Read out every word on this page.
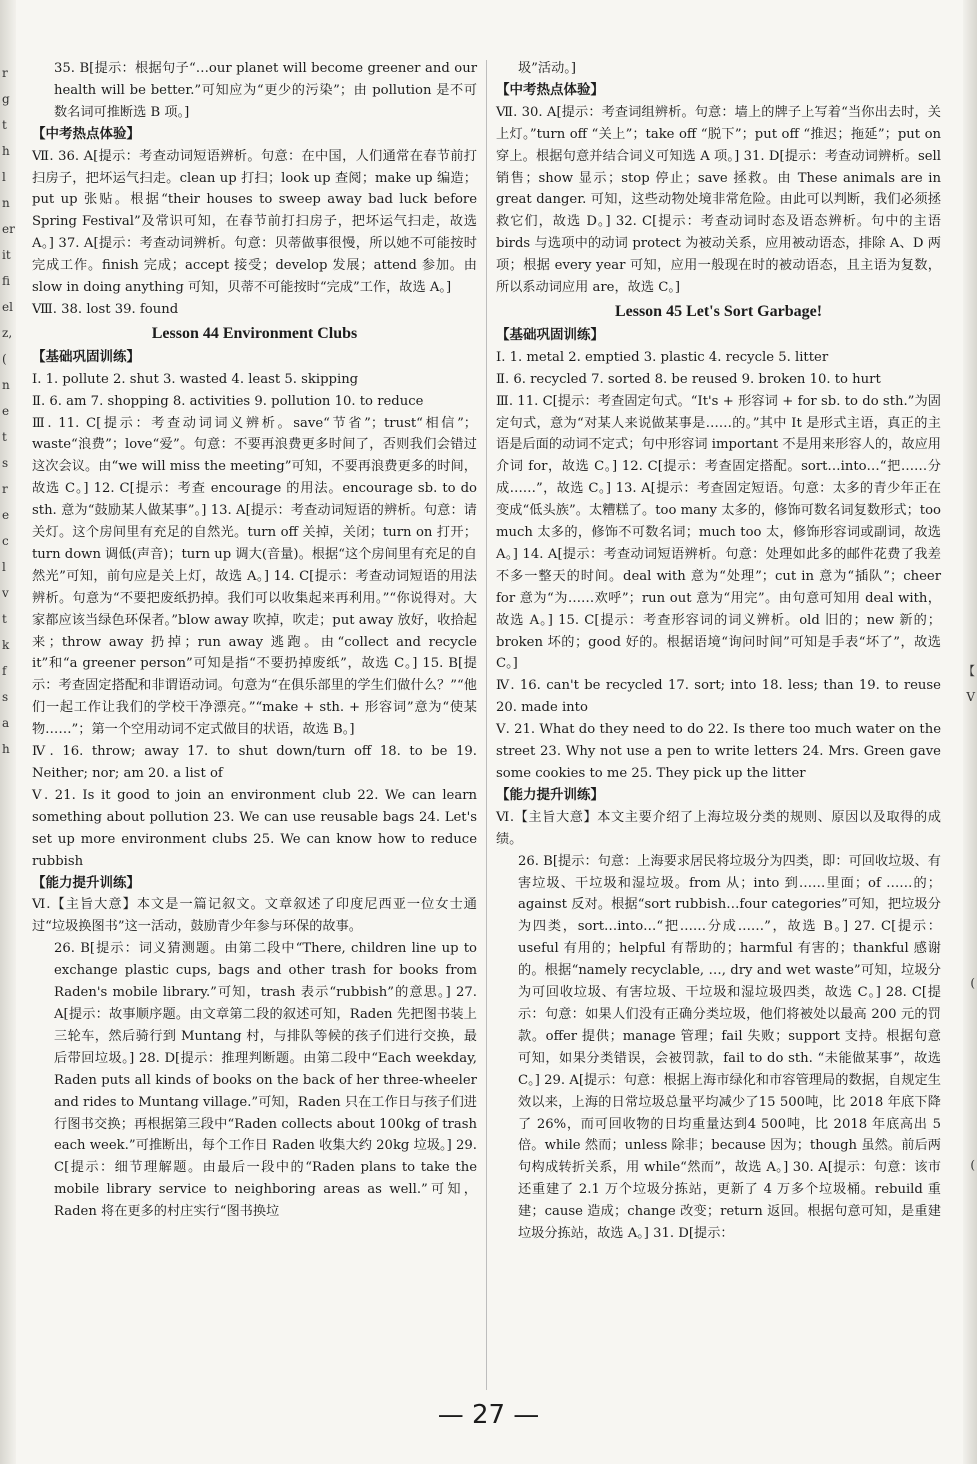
r
g
t
h
l
n
er
it
fi
el
z,
(
n
e
t
s
r
e
c
l
v
t
k
f
s
a
h

【
V

(

(

35. B[提示：根据句子“…our planet will become greener and our health will be better.”可知应为“更少的污染”；由 pollution 是不可数名词可推断选 B 项。]

【中考热点体验】

Ⅶ. 36. A[提示：考查动词短语辨析。句意：在中国，人们通常在春节前打扫房子，把坏运气扫走。clean up 打扫；look up 查阅；make up 编造；put up 张贴。根据“their houses to sweep away bad luck before Spring Festival”及常识可知，在春节前打扫房子，把坏运气扫走，故选 A。] 37. A[提示：考查动词辨析。句意：贝蒂做事很慢，所以她不可能按时完成工作。finish 完成；accept 接受；develop 发展；attend 参加。由 slow in doing anything 可知，贝蒂不可能按时“完成”工作，故选 A。]

Ⅷ. 38. lost 39. found

Lesson 44 Environment Clubs

【基础巩固训练】

Ⅰ. 1. pollute 2. shut 3. wasted 4. least 5. skipping

Ⅱ. 6. am 7. shopping 8. activities 9. pollution 10. to reduce

Ⅲ. 11. C[提示：考查动词词义辨析。save“节省”；trust“相信”；waste“浪费”；love“爱”。句意：不要再浪费更多时间了，否则我们会错过这次会议。由“we will miss the meeting”可知，不要再浪费更多的时间，故选 C。] 12. C[提示：考查 encourage 的用法。encourage sb. to do sth. 意为“鼓励某人做某事”。] 13. A[提示：考查动词短语的辨析。句意：请关灯。这个房间里有充足的自然光。turn off 关掉，关闭；turn on 打开；turn down 调低(声音)；turn up 调大(音量)。根据“这个房间里有充足的自然光”可知，前句应是关上灯，故选 A。] 14. C[提示：考查动词短语的用法辨析。句意为“不要把废纸扔掉。我们可以收集起来再利用。”“你说得对。大家都应该当绿色环保者。”blow away 吹掉，吹走；put away 放好，收拾起来；throw away 扔掉；run away 逃跑。由“collect and recycle it”和“a greener person”可知是指“不要扔掉废纸”，故选 C。] 15. B[提示：考查固定搭配和非谓语动词。句意为“在俱乐部里的学生们做什么？”“他们一起工作让我们的学校干净漂亮。”“make + sth. + 形容词”意为“使某物……”；第一个空用动词不定式做目的状语，故选 B。]

Ⅳ. 16. throw; away 17. to shut down/turn off 18. to be 19. Neither; nor; am 20. a list of

Ⅴ. 21. Is it good to join an environment club 22. We can learn something about pollution 23. We can use reusable bags 24. Let's set up more environment clubs 25. We can know how to reduce rubbish

【能力提升训练】

Ⅵ.【主旨大意】本文是一篇记叙文。文章叙述了印度尼西亚一位女士通过“垃圾换图书”这一活动，鼓励青少年参与环保的故事。

26. B[提示：词义猜测题。由第二段中“There, children line up to exchange plastic cups, bags and other trash for books from Raden's mobile library.”可知，trash 表示“rubbish”的意思。] 27. A[提示：故事顺序题。由文章第二段的叙述可知，Raden 先把图书装上三轮车，然后骑行到 Muntang 村，与排队等候的孩子们进行交换，最后带回垃圾。] 28. D[提示：推理判断题。由第二段中“Each weekday, Raden puts all kinds of books on the back of her three-wheeler and rides to Muntang village.”可知，Raden 只在工作日与孩子们进行图书交换；再根据第三段中“Raden collects about 100kg of trash each week.”可推断出，每个工作日 Raden 收集大约 20kg 垃圾。] 29. C[提示：细节理解题。由最后一段中的“Raden plans to take the mobile library service to neighboring areas as well.”可知，Raden 将在更多的村庄实行“图书换垃

圾”活动。]

【中考热点体验】

Ⅶ. 30. A[提示：考查词组辨析。句意：墙上的牌子上写着“当你出去时，关上灯。”turn off “关上”；take off “脱下”；put off “推迟；拖延”；put on 穿上。根据句意并结合词义可知选 A 项。] 31. D[提示：考查动词辨析。sell 销售；show 显示；stop 停止；save 拯救。由 These animals are in great danger. 可知，这些动物处境非常危险。由此可以判断，我们必须拯救它们，故选 D。] 32. C[提示：考查动词时态及语态辨析。句中的主语 birds 与选项中的动词 protect 为被动关系，应用被动语态，排除 A、D 两项；根据 every year 可知，应用一般现在时的被动语态，且主语为复数，所以系动词应用 are，故选 C。]

Lesson 45 Let's Sort Garbage!

【基础巩固训练】

Ⅰ. 1. metal 2. emptied 3. plastic 4. recycle 5. litter

Ⅱ. 6. recycled 7. sorted 8. be reused 9. broken 10. to hurt

Ⅲ. 11. C[提示：考查固定句式。“It's + 形容词 + for sb. to do sth.”为固定句式，意为“对某人来说做某事是……的。”其中 It 是形式主语，真正的主语是后面的动词不定式；句中形容词 important 不是用来形容人的，故应用介词 for，故选 C。] 12. C[提示：考查固定搭配。sort…into…“把……分成……”，故选 C。] 13. A[提示：考查固定短语。句意：太多的青少年正在变成“低头族”。太糟糕了。too many 太多的，修饰可数名词复数形式；too much 太多的，修饰不可数名词；much too 太，修饰形容词或副词，故选 A。] 14. A[提示：考查动词短语辨析。句意：处理如此多的邮件花费了我差不多一整天的时间。deal with 意为“处理”；cut in 意为“插队”；cheer for 意为“为……欢呼”；run out 意为“用完”。由句意可知用 deal with，故选 A。] 15. C[提示：考查形容词的词义辨析。old 旧的；new 新的；broken 坏的；good 好的。根据语境“询问时间”可知是手表“坏了”，故选 C。]

Ⅳ. 16. can't be recycled 17. sort; into 18. less; than 19. to reuse 20. made into

Ⅴ. 21. What do they need to do 22. Is there too much water on the street 23. Why not use a pen to write letters 24. Mrs. Green gave some cookies to me 25. They pick up the litter

【能力提升训练】

Ⅵ.【主旨大意】本文主要介绍了上海垃圾分类的规则、原因以及取得的成绩。

26. B[提示：句意：上海要求居民将垃圾分为四类，即：可回收垃圾、有害垃圾、干垃圾和湿垃圾。from 从；into 到……里面；of ……的；against 反对。根据“sort rubbish…four categories”可知，把垃圾分为四类，sort…into…“把……分成……”，故选 B。] 27. C[提示：useful 有用的；helpful 有帮助的；harmful 有害的；thankful 感谢的。根据“namely recyclable, …, dry and wet waste”可知，垃圾分为可回收垃圾、有害垃圾、干垃圾和湿垃圾四类，故选 C。] 28. C[提示：句意：如果人们没有正确分类垃圾，他们将被处以最高 200 元的罚款。offer 提供；manage 管理；fail 失败；support 支持。根据句意可知，如果分类错误，会被罚款，fail to do sth. “未能做某事”，故选 C。] 29. A[提示：句意：根据上海市绿化和市容管理局的数据，自规定生效以来，上海的日常垃圾总量平均减少了15 500吨，比 2018 年底下降了 26%，而可回收物的日均重量达到4 500吨，比 2018 年底高出 5 倍。while 然而；unless 除非；because 因为；though 虽然。前后两句构成转折关系，用 while“然而”，故选 A。] 30. A[提示：句意：该市还重建了 2.1 万个垃圾分拣站，更新了 4 万多个垃圾桶。rebuild 重建；cause 造成；change 改变；return 返回。根据句意可知，是重建垃圾分拣站，故选 A。] 31. D[提示：

— 27 —
